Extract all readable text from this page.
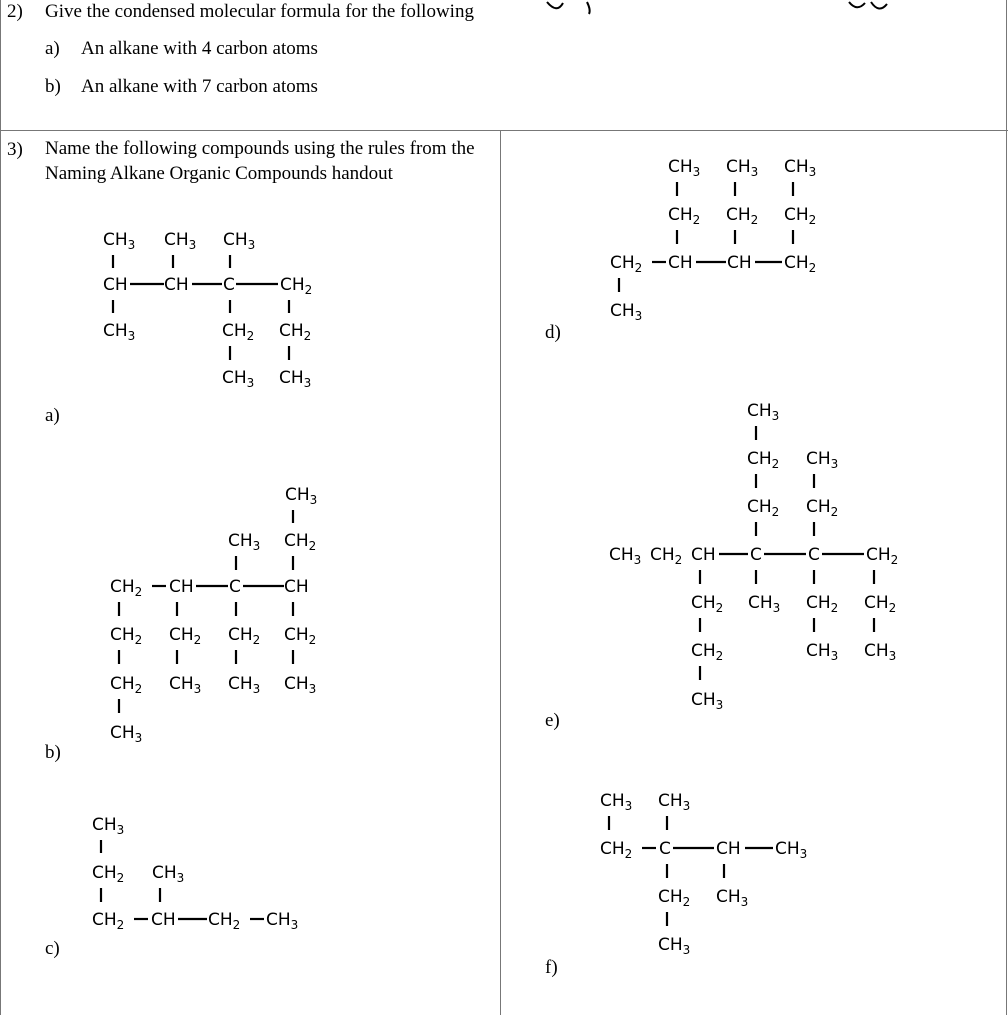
2) Give the condensed molecular formula for the following
a) An alkane with 4 carbon atoms
b) An alkane with 7 carbon atoms
3) Name the following compounds using the rules from the Naming Alkane Organic Compounds handout
a)
b)
c)
d)
e)
f)
$CH_3$ $CH_3$ $CH_3$
CH CH C	$CH_2$
$CH_3$	$CH_2$ $CH_2$
$CH_3$ $CH_3$
$CH_3$
$CH_3$ $CH_2$
$CH_2$ CH C	CH
$CH_2$ $CH_2$ $CH_2$ $CH_2$
$CH_2$ $CH_3$ $CH_3$ $CH_3$
$CH_3$
$CH_3$
$CH_2$ $CH_3$
$CH_2$ CH $CH_2$ $CH_3$
$CH_3$ $CH_3$ $CH_3$
$CH_2$ $CH_2$ $CH_2$
$CH_2$ CH CH $CH_2$
$CH_3$
$CH_3$
$CH_2$ $CH_3$
$CH_2$ $CH_2$
$CH_3$ $CH_2$ CH C	C	$CH_2$
$CH_2$ $CH_3$ $CH_2$ $CH_2$
$CH_2$	$CH_3$ $CH_3$
$CH_3$
$CH_3$ $CH_3$
$CH_2$ C	CH $CH_3$
$CH_2$ $CH_3$
$CH_3$
